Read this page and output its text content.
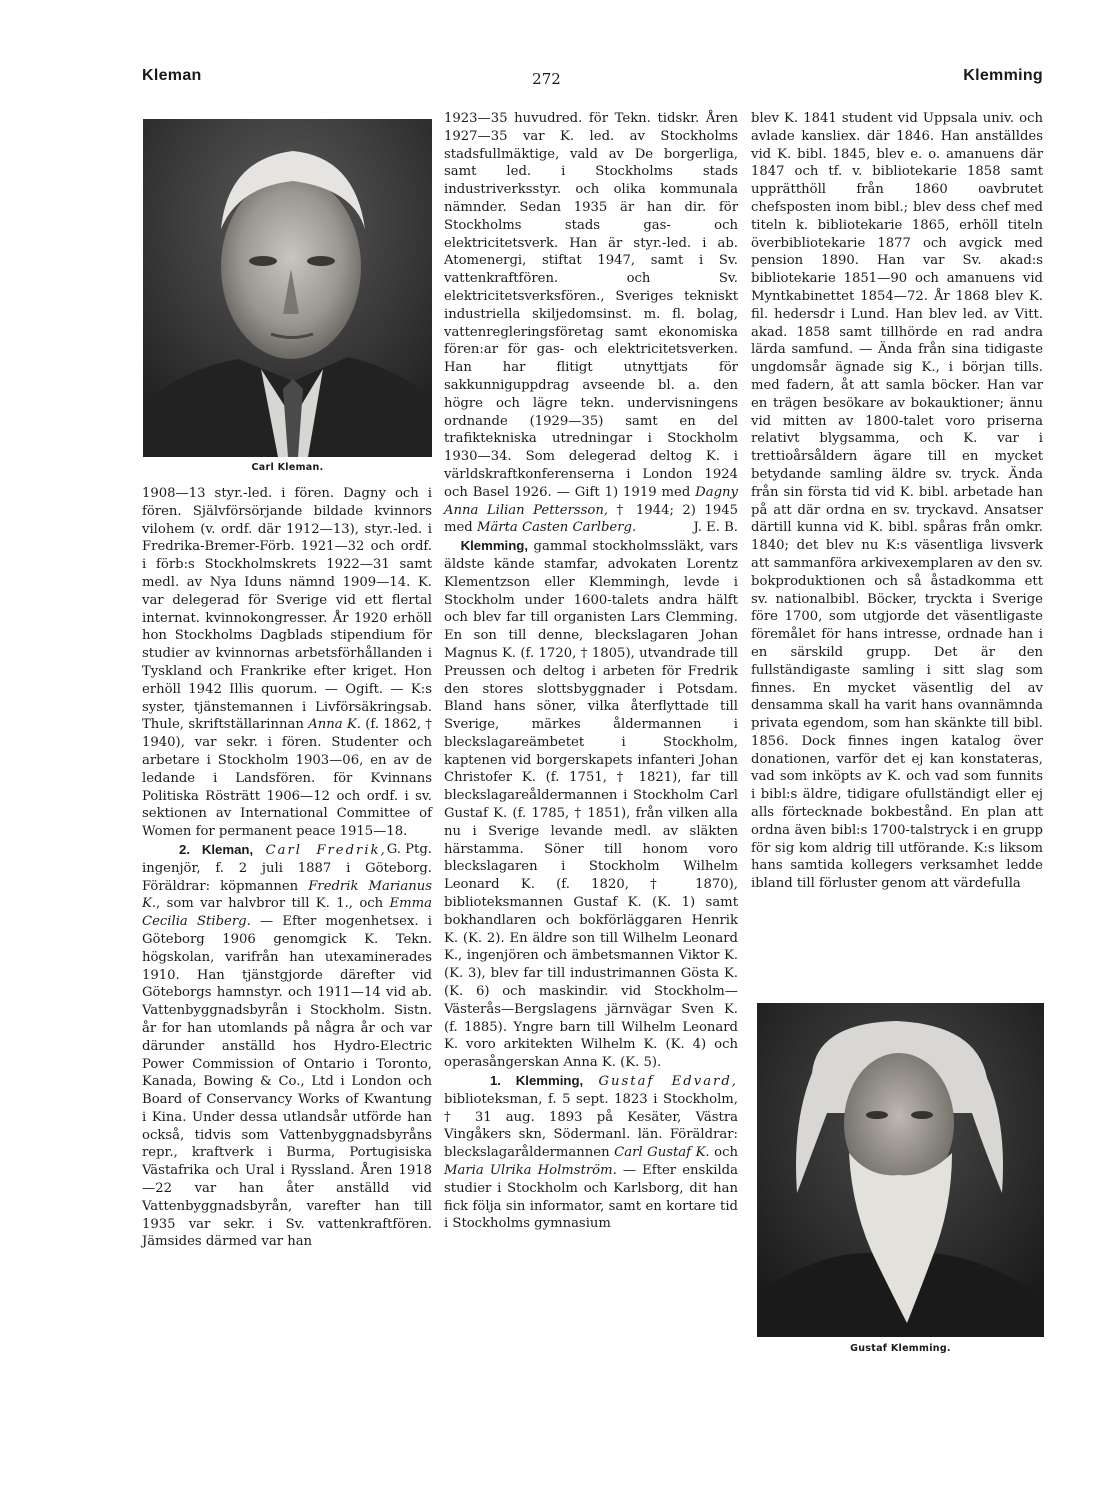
Kleman	272	Klemming
Carl Kleman.

1908—13 styr.-led. i fören. Dagny och i fören. Självförsörjande bildade kvinnors vilohem (v. ordf. där 1912—13), styr.-led. i Fredrika-Bremer-Förb. 1921—32 och ordf. i förb:s Stockholmskrets 1922—31 samt medl. av Nya Iduns nämnd 1909—14. K. var delegerad för Sverige vid ett flertal internat. kvinnokongresser. År 1920 erhöll hon Stockholms Dagblads stipendium för studier av kvinnornas arbetsförhållanden i Tyskland och Frankrike efter kriget. Hon erhöll 1942 Illis quorum. — Ogift. — K:s syster, tjänstemannen i Livförsäkringsab. Thule, skriftställarinnan Anna K. (f. 1862, † 1940), var sekr. i fören. Studenter och arbetare i Stockholm 1903—06, en av de ledande i Landsfören. för Kvinnans Politiska Rösträtt 1906—12 och ordf. i sv. sektionen av International Committee of Women for permanent peace 1915—18.
G. Ptg.

2. Kleman, Carl Fredrik, ingenjör, f. 2 juli 1887 i Göteborg. Föräldrar: köpmannen Fredrik Marianus K., som var halvbror till K. 1., och Emma Cecilia Stiberg. — Efter mogenhetsex. i Göteborg 1906 genomgick K. Tekn. högskolan, varifrån han utexaminerades 1910. Han tjänstgjorde därefter vid Göteborgs hamnstyr. och 1911—14 vid ab. Vattenbyggnadsbyrån i Stockholm. Sistn. år for han utomlands på några år och var därunder anställd hos Hydro-Electric Power Commission of Ontario i Toronto, Kanada, Bowing & Co., Ltd i London och Board of Conservancy Works of Kwantung i Kina. Under dessa utlandsår utförde han också, tidvis som Vattenbyggnadsbyråns repr., kraftverk i Burma, Portugisiska Västafrika och Ural i Ryssland. Åren 1918—22 var han åter anställd vid Vattenbyggnadsbyrån, varefter han till 1935 var sekr. i Sv. vattenkraftfören. Jämsides därmed var han

1923—35 huvudred. för Tekn. tidskr. Åren 1927—35 var K. led. av Stockholms stadsfullmäktige, vald av De borgerliga, samt led. i Stockholms stads industriverksstyr. och olika kommunala nämnder. Sedan 1935 är han dir. för Stockholms stads gas- och elektricitetsverk. Han är styr.-led. i ab. Atomenergi, stiftat 1947, samt i Sv. vattenkraftfören. och Sv. elektricitetsverksfören., Sveriges tekniskt industriella skiljedomsinst. m. fl. bolag, vattenregleringsföretag samt ekonomiska fören:ar för gas- och elektricitetsverken. Han har flitigt utnyttjats för sakkunniguppdrag avseende bl. a. den högre och lägre tekn. undervisningens ordnande (1929—35) samt en del trafiktekniska utredningar i Stockholm 1930—34. Som delegerad deltog K. i världskraftkonferenserna i London 1924 och Basel 1926. — Gift 1) 1919 med Dagny Anna Lilian Pettersson, † 1944; 2) 1945 med Märta Casten Carlberg.	J. E. B.

Klemming, gammal stockholmssläkt, vars äldste kände stamfar, advokaten Lorentz Klementzson eller Klemmingh, levde i Stockholm under 1600-talets andra hälft och blev far till organisten Lars Clemming. En son till denne, bleckslagaren Johan Magnus K. (f. 1720, † 1805), utvandrade till Preussen och deltog i arbeten för Fredrik den stores slottsbyggnader i Potsdam. Bland hans söner, vilka återflyttade till Sverige, märkes åldermannen i bleckslagareämbetet i Stockholm, kaptenen vid borgerskapets infanteri Johan Christofer K. (f. 1751, † 1821), far till bleckslagareåldermannen i Stockholm Carl Gustaf K. (f. 1785, † 1851), från vilken alla nu i Sverige levande medl. av släkten härstamma. Söner till honom voro bleckslagaren i Stockholm Wilhelm Leonard K. (f. 1820, † 1870), biblioteksmannen Gustaf K. (K. 1) samt bokhandlaren och bokförläggaren Henrik K. (K. 2). En äldre son till Wilhelm Leonard K., ingenjören och ämbetsmannen Viktor K. (K. 3), blev far till industrimannen Gösta K. (K. 6) och maskindir. vid Stockholm—Västerås—Bergslagens järnvägar Sven K. (f. 1885). Yngre barn till Wilhelm Leonard K. voro arkitekten Wilhelm K. (K. 4) och operasångerskan Anna K. (K. 5).

1. Klemming, Gustaf Edvard, biblioteksman, f. 5 sept. 1823 i Stockholm, † 31 aug. 1893 på Kesäter, Västra Vingåkers skn, Södermanl. län. Föräldrar: bleckslagaråldermannen Carl Gustaf K. och Maria Ulrika Holmström. — Efter enskilda studier i Stockholm och Karlsborg, dit han fick följa sin informator, samt en kortare tid i Stockholms gymnasium

blev K. 1841 student vid Uppsala univ. och avlade kansliex. där 1846. Han anställdes vid K. bibl. 1845, blev e. o. amanuens där 1847 och tf. v. bibliotekarie 1858 samt upprätthöll från 1860 oavbrutet chefsposten inom bibl.; blev dess chef med titeln k. bibliotekarie 1865, erhöll titeln överbibliotekarie 1877 och avgick med pension 1890. Han var Sv. akad:s bibliotekarie 1851—90 och amanuens vid Myntkabinettet 1854—72. År 1868 blev K. fil. hedersdr i Lund. Han blev led. av Vitt. akad. 1858 samt tillhörde en rad andra lärda samfund. — Ända från sina tidigaste ungdomsår ägnade sig K., i början tills. med fadern, åt att samla böcker. Han var en trägen besökare av bokauktioner; ännu vid mitten av 1800-talet voro priserna relativt blygsamma, och K. var i trettioårsåldern ägare till en mycket betydande samling äldre sv. tryck. Ända från sin första tid vid K. bibl. arbetade han på att där ordna en sv. tryckavd. Ansatser därtill kunna vid K. bibl. spåras från omkr. 1840; det blev nu K:s väsentliga livsverk att sammanföra arkivexemplaren av den sv. bokproduktionen och så åstadkomma ett sv. nationalbibl. Böcker, tryckta i Sverige före 1700, som utgjorde det väsentligaste föremålet för hans intresse, ordnade han i en särskild grupp. Det är den fullständigaste samling i sitt slag som finnes. En mycket väsentlig del av densamma skall ha varit hans ovannämnda privata egendom, som han skänkte till bibl. 1856. Dock finnes ingen katalog över donationen, varför det ej kan konstateras, vad som inköpts av K. och vad som funnits i bibl:s äldre, tidigare ofullständigt eller ej alls förtecknade bokbestånd. En plan att ordna även bibl:s 1700-talstryck i en grupp för sig kom aldrig till utförande. K:s liksom hans samtida kollegers verksamhet ledde ibland till förluster genom att värdefulla

Gustaf Klemming.
